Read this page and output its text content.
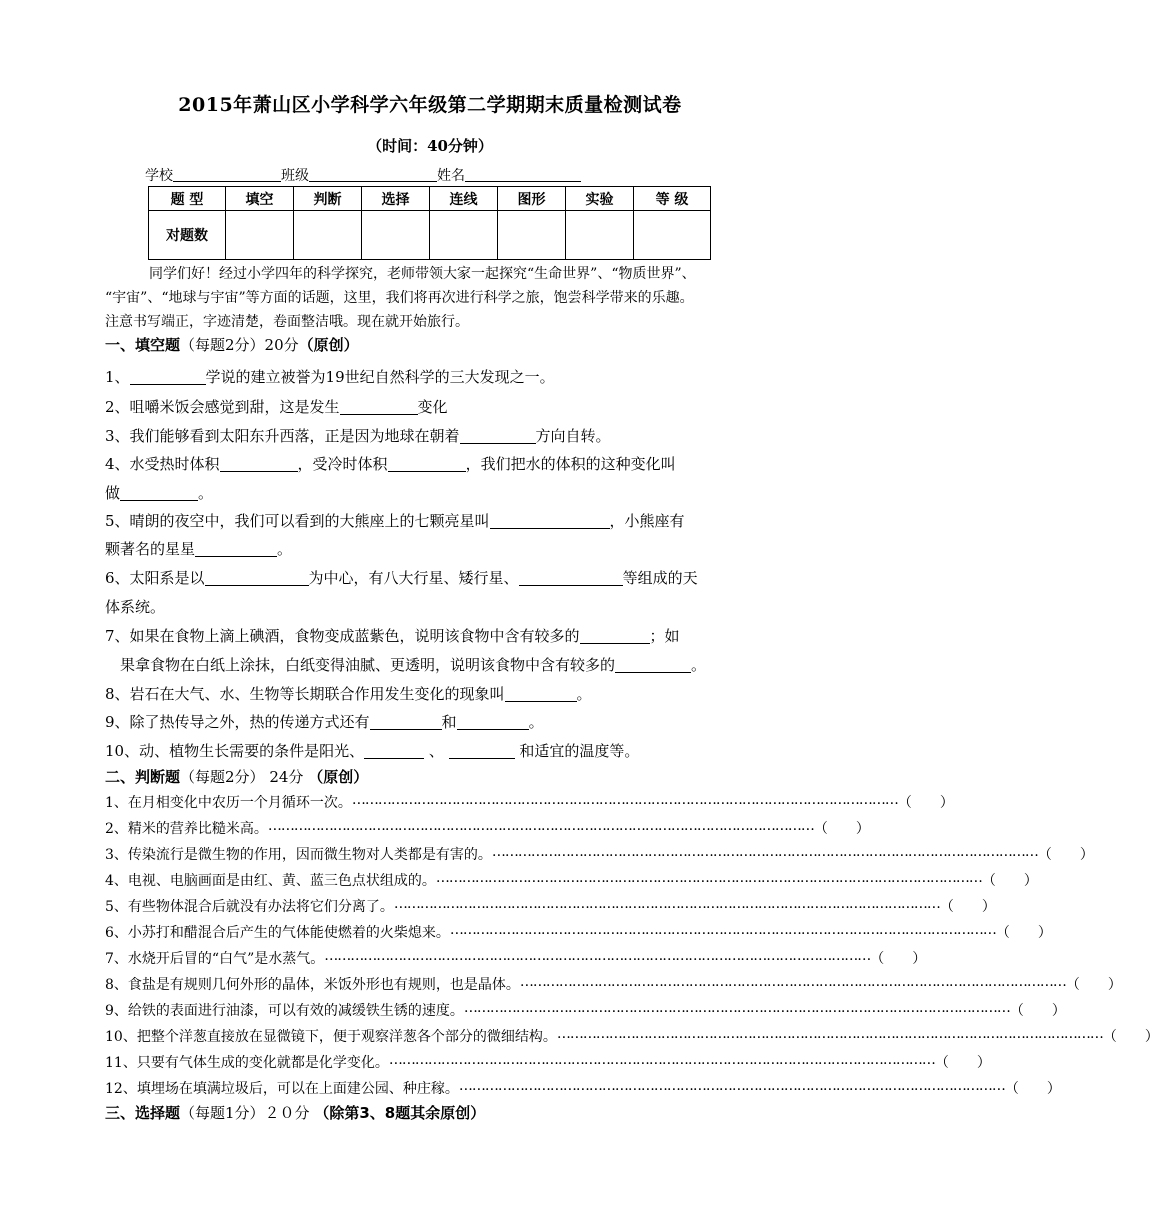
2015年萧山区小学科学六年级第二学期期末质量检测试卷
（时间：40分钟）
学校	班级	姓名
题 型	填空	判断	选择	连线	图形	实验	等 级
对题数							
同学们好！经过小学四年的科学探究，老师带领大家一起探究“生命世界”、“物质世界”、
“宇宙”、“地球与宇宙”等方面的话题，这里，我们将再次进行科学之旅，饱尝科学带来的乐趣。
注意书写端正，字迹清楚，卷面整洁哦。现在就开始旅行。
一、填空题（每题2分）20分（原创）
1、	学说的建立被誉为19世纪自然科学的三大发现之一。
2、咀嚼米饭会感觉到甜，这是发生	变化
3、我们能够看到太阳东升西落，正是因为地球在朝着	方向自转。
4、水受热时体积	，受冷时体积	，我们把水的体积的这种变化叫
做	。
5、晴朗的夜空中，我们可以看到的大熊座上的七颗亮星叫	，小熊座有
颗著名的星星	。
6、太阳系是以	为中心，有八大行星、矮行星、	等组成的天
体系统。
7、如果在食物上滴上碘酒，食物变成蓝紫色，说明该食物中含有较多的	；如
果拿食物在白纸上涂抹，白纸变得油腻、更透明，说明该食物中含有较多的	。
8、岩石在大气、水、生物等长期联合作用发生变化的现象叫	。
9、除了热传导之外，热的传递方式还有	和	。
10、动、植物生长需要的条件是阳光、	、	和适宜的温度等。
二、判断题（每题2分） 24分 （原创）
1、在月相变化中农历一个月循环一次。 ……………………………………………………………………………………………………………… （　　）
2、精米的营养比糙米高。 ……………………………………………………………………………………………………………… （　　）
3、传染流行是微生物的作用，因而微生物对人类都是有害的。 ……………………………………………………………………………………………………………… （　　）
4、电视、电脑画面是由红、黄、蓝三色点状组成的。 ……………………………………………………………………………………………………………… （　　）
5、有些物体混合后就没有办法将它们分离了。 ……………………………………………………………………………………………………………… （　　）
6、小苏打和醋混合后产生的气体能使燃着的火柴熄来。 ……………………………………………………………………………………………………………… （　　）
7、水烧开后冒的“白气”是水蒸气。 ……………………………………………………………………………………………………………… （　　）
8、食盐是有规则几何外形的晶体，米饭外形也有规则，也是晶体。 ……………………………………………………………………………………………………………… （　　）
9、给铁的表面进行油漆，可以有效的减缓铁生锈的速度。 ……………………………………………………………………………………………………………… （　　）
10、把整个洋葱直接放在显微镜下，便于观察洋葱各个部分的微细结构。 ……………………………………………………………………………………………………………… （　　）
11、只要有气体生成的变化就都是化学变化。 ……………………………………………………………………………………………………………… （　　）
12、填埋场在填满垃圾后，可以在上面建公园、种庄稼。 ……………………………………………………………………………………………………………… （　　）
三、选择题（每题1分）２０分 （除第3、8题其余原创）
